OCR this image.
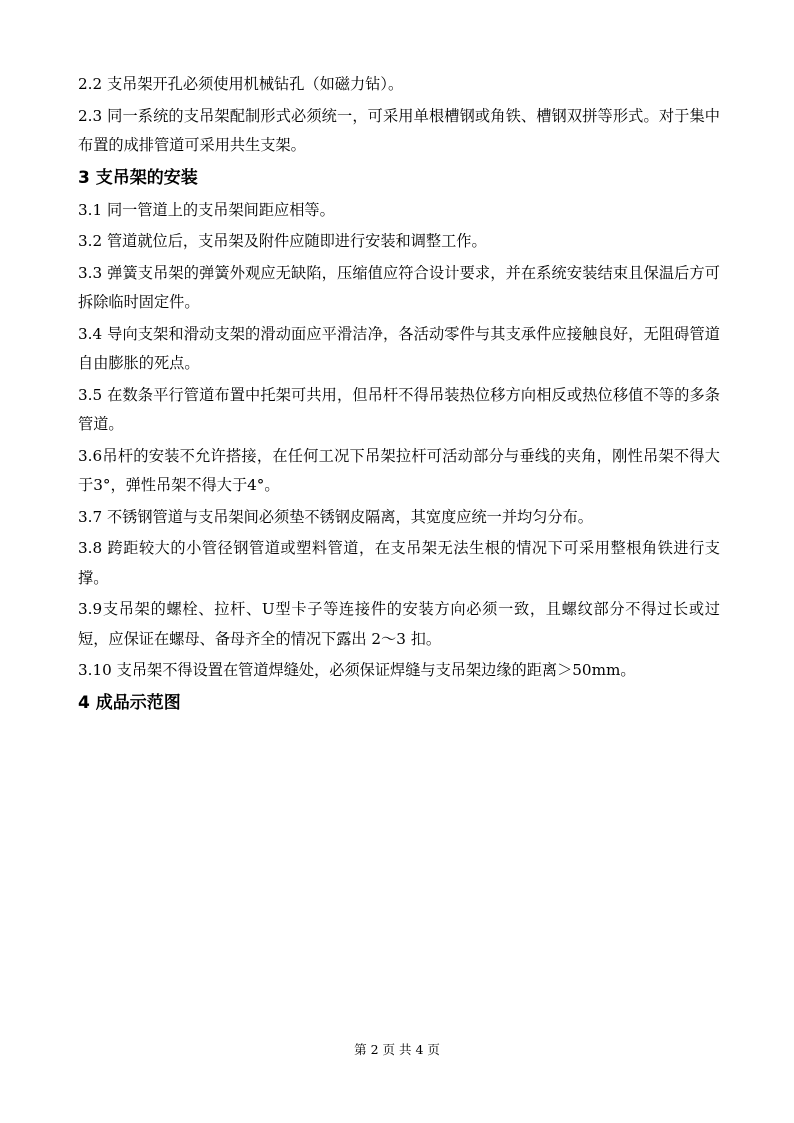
2.2 支吊架开孔必须使用机械钻孔（如磁力钻）。

2.3 同一系统的支吊架配制形式必须统一，可采用单根槽钢或角铁、槽钢双拼等形式。对于集中布置的成排管道可采用共生支架。

3 支吊架的安装

3.1 同一管道上的支吊架间距应相等。

3.2 管道就位后，支吊架及附件应随即进行安装和调整工作。

3.3 弹簧支吊架的弹簧外观应无缺陷，压缩值应符合设计要求，并在系统安装结束且保温后方可拆除临时固定件。

3.4 导向支架和滑动支架的滑动面应平滑洁净，各活动零件与其支承件应接触良好，无阻碍管道自由膨胀的死点。

3.5 在数条平行管道布置中托架可共用，但吊杆不得吊装热位移方向相反或热位移值不等的多条管道。

3.6吊杆的安装不允许搭接，在任何工况下吊架拉杆可活动部分与垂线的夹角，刚性吊架不得大于3°，弹性吊架不得大于4°。

3.7 不锈钢管道与支吊架间必须垫不锈钢皮隔离，其宽度应统一并均匀分布。

3.8 跨距较大的小管径钢管道或塑料管道，在支吊架无法生根的情况下可采用整根角铁进行支撑。

3.9支吊架的螺栓、拉杆、U型卡子等连接件的安装方向必须一致，且螺纹部分不得过长或过短，应保证在螺母、备母齐全的情况下露出 2～3 扣。

3.10 支吊架不得设置在管道焊缝处，必须保证焊缝与支吊架边缘的距离＞50mm。

4 成品示范图
第 2 页 共 4 页
